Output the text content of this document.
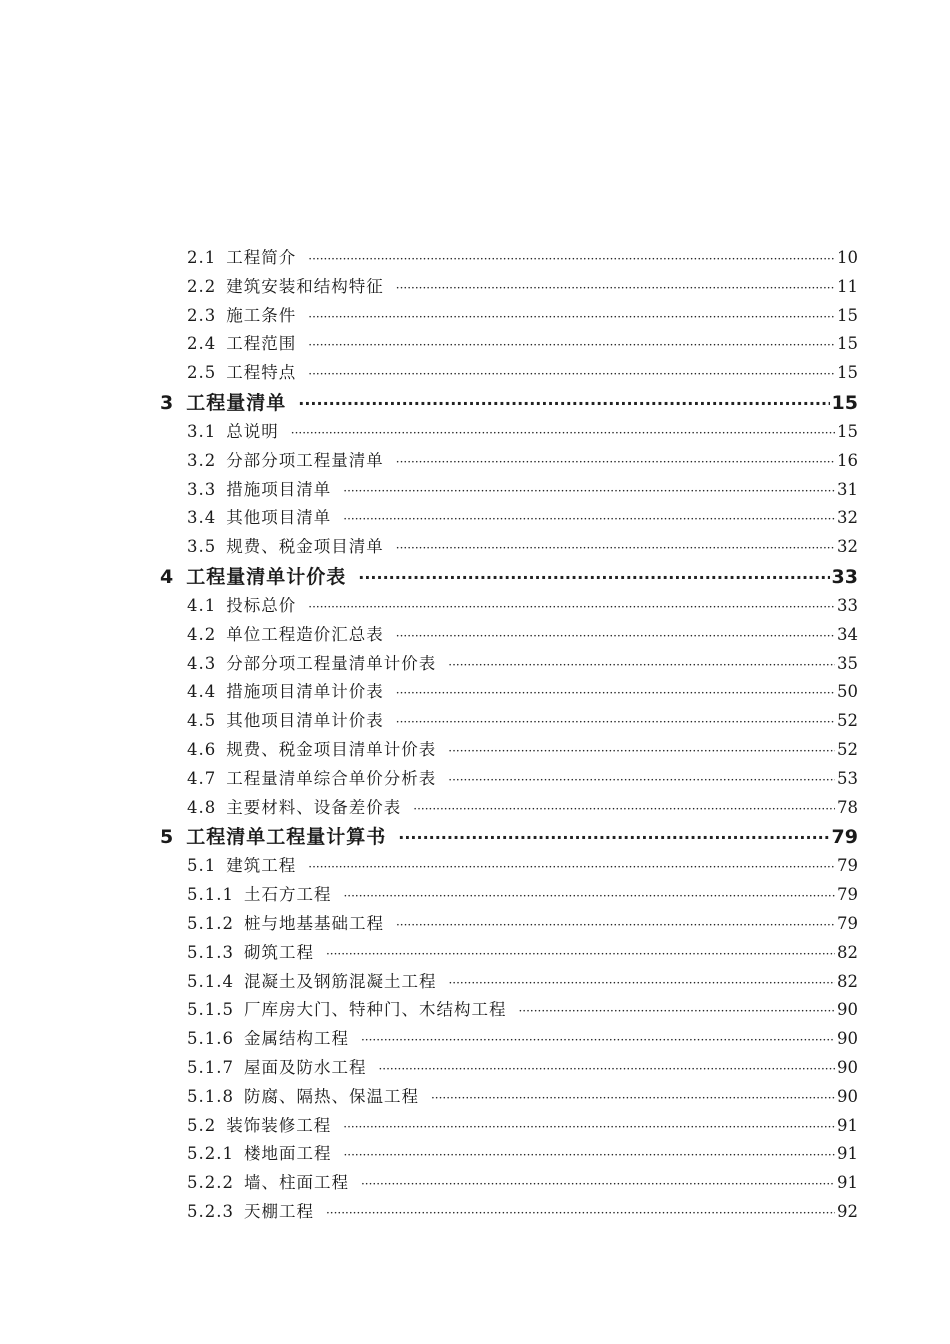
2.1 工程简介 ·····	10
2.2 建筑安装和结构特征 ·····	11
2.3 施工条件 ·····	15
2.4 工程范围 ·····	15
2.5 工程特点 ·····	15
3 工程量清单 ·····	15
3.1 总说明 ·····	15
3.2 分部分项工程量清单 ·····	16
3.3 措施项目清单 ·····	31
3.4 其他项目清单 ·····	32
3.5 规费、税金项目清单 ·····	32
4 工程量清单计价表 ·····	33
4.1 投标总价 ·····	33
4.2 单位工程造价汇总表 ·····	34
4.3 分部分项工程量清单计价表 ·····	35
4.4 措施项目清单计价表 ·····	50
4.5 其他项目清单计价表 ·····	52
4.6 规费、税金项目清单计价表 ·····	52
4.7 工程量清单综合单价分析表 ·····	53
4.8 主要材料、设备差价表 ·····	78
5 工程清单工程量计算书 ·····	79
5.1 建筑工程 ·····	79
5.1.1 土石方工程 ·····	79
5.1.2 桩与地基基础工程 ·····	79
5.1.3 砌筑工程 ·····	82
5.1.4 混凝土及钢筋混凝土工程 ·····	82
5.1.5 厂库房大门、特种门、木结构工程 ·····	90
5.1.6 金属结构工程 ·····	90
5.1.7 屋面及防水工程 ·····	90
5.1.8 防腐、隔热、保温工程 ·····	90
5.2 装饰装修工程 ·····	91
5.2.1 楼地面工程 ·····	91
5.2.2 墙、柱面工程 ·····	91
5.2.3 天棚工程 ·····	92
